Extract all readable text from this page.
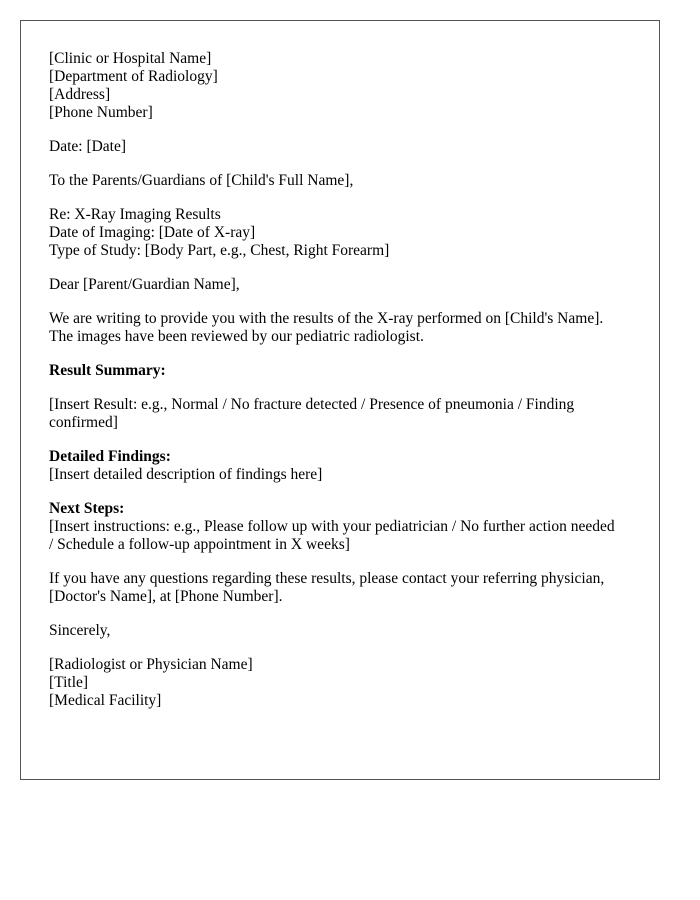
[Clinic or Hospital Name]
[Department of Radiology]
[Address]
[Phone Number]
Date: [Date]
To the Parents/Guardians of [Child's Full Name],
Re: X-Ray Imaging Results
Date of Imaging: [Date of X-ray]
Type of Study: [Body Part, e.g., Chest, Right Forearm]
Dear [Parent/Guardian Name],
We are writing to provide you with the results of the X-ray performed on [Child's Name].
The images have been reviewed by our pediatric radiologist.
Result Summary:
[Insert Result: e.g., Normal / No fracture detected / Presence of pneumonia / Finding
confirmed]
Detailed Findings:
[Insert detailed description of findings here]
Next Steps:
[Insert instructions: e.g., Please follow up with your pediatrician / No further action needed
/ Schedule a follow-up appointment in X weeks]
If you have any questions regarding these results, please contact your referring physician,
[Doctor's Name], at [Phone Number].
Sincerely,
[Radiologist or Physician Name]
[Title]
[Medical Facility]
